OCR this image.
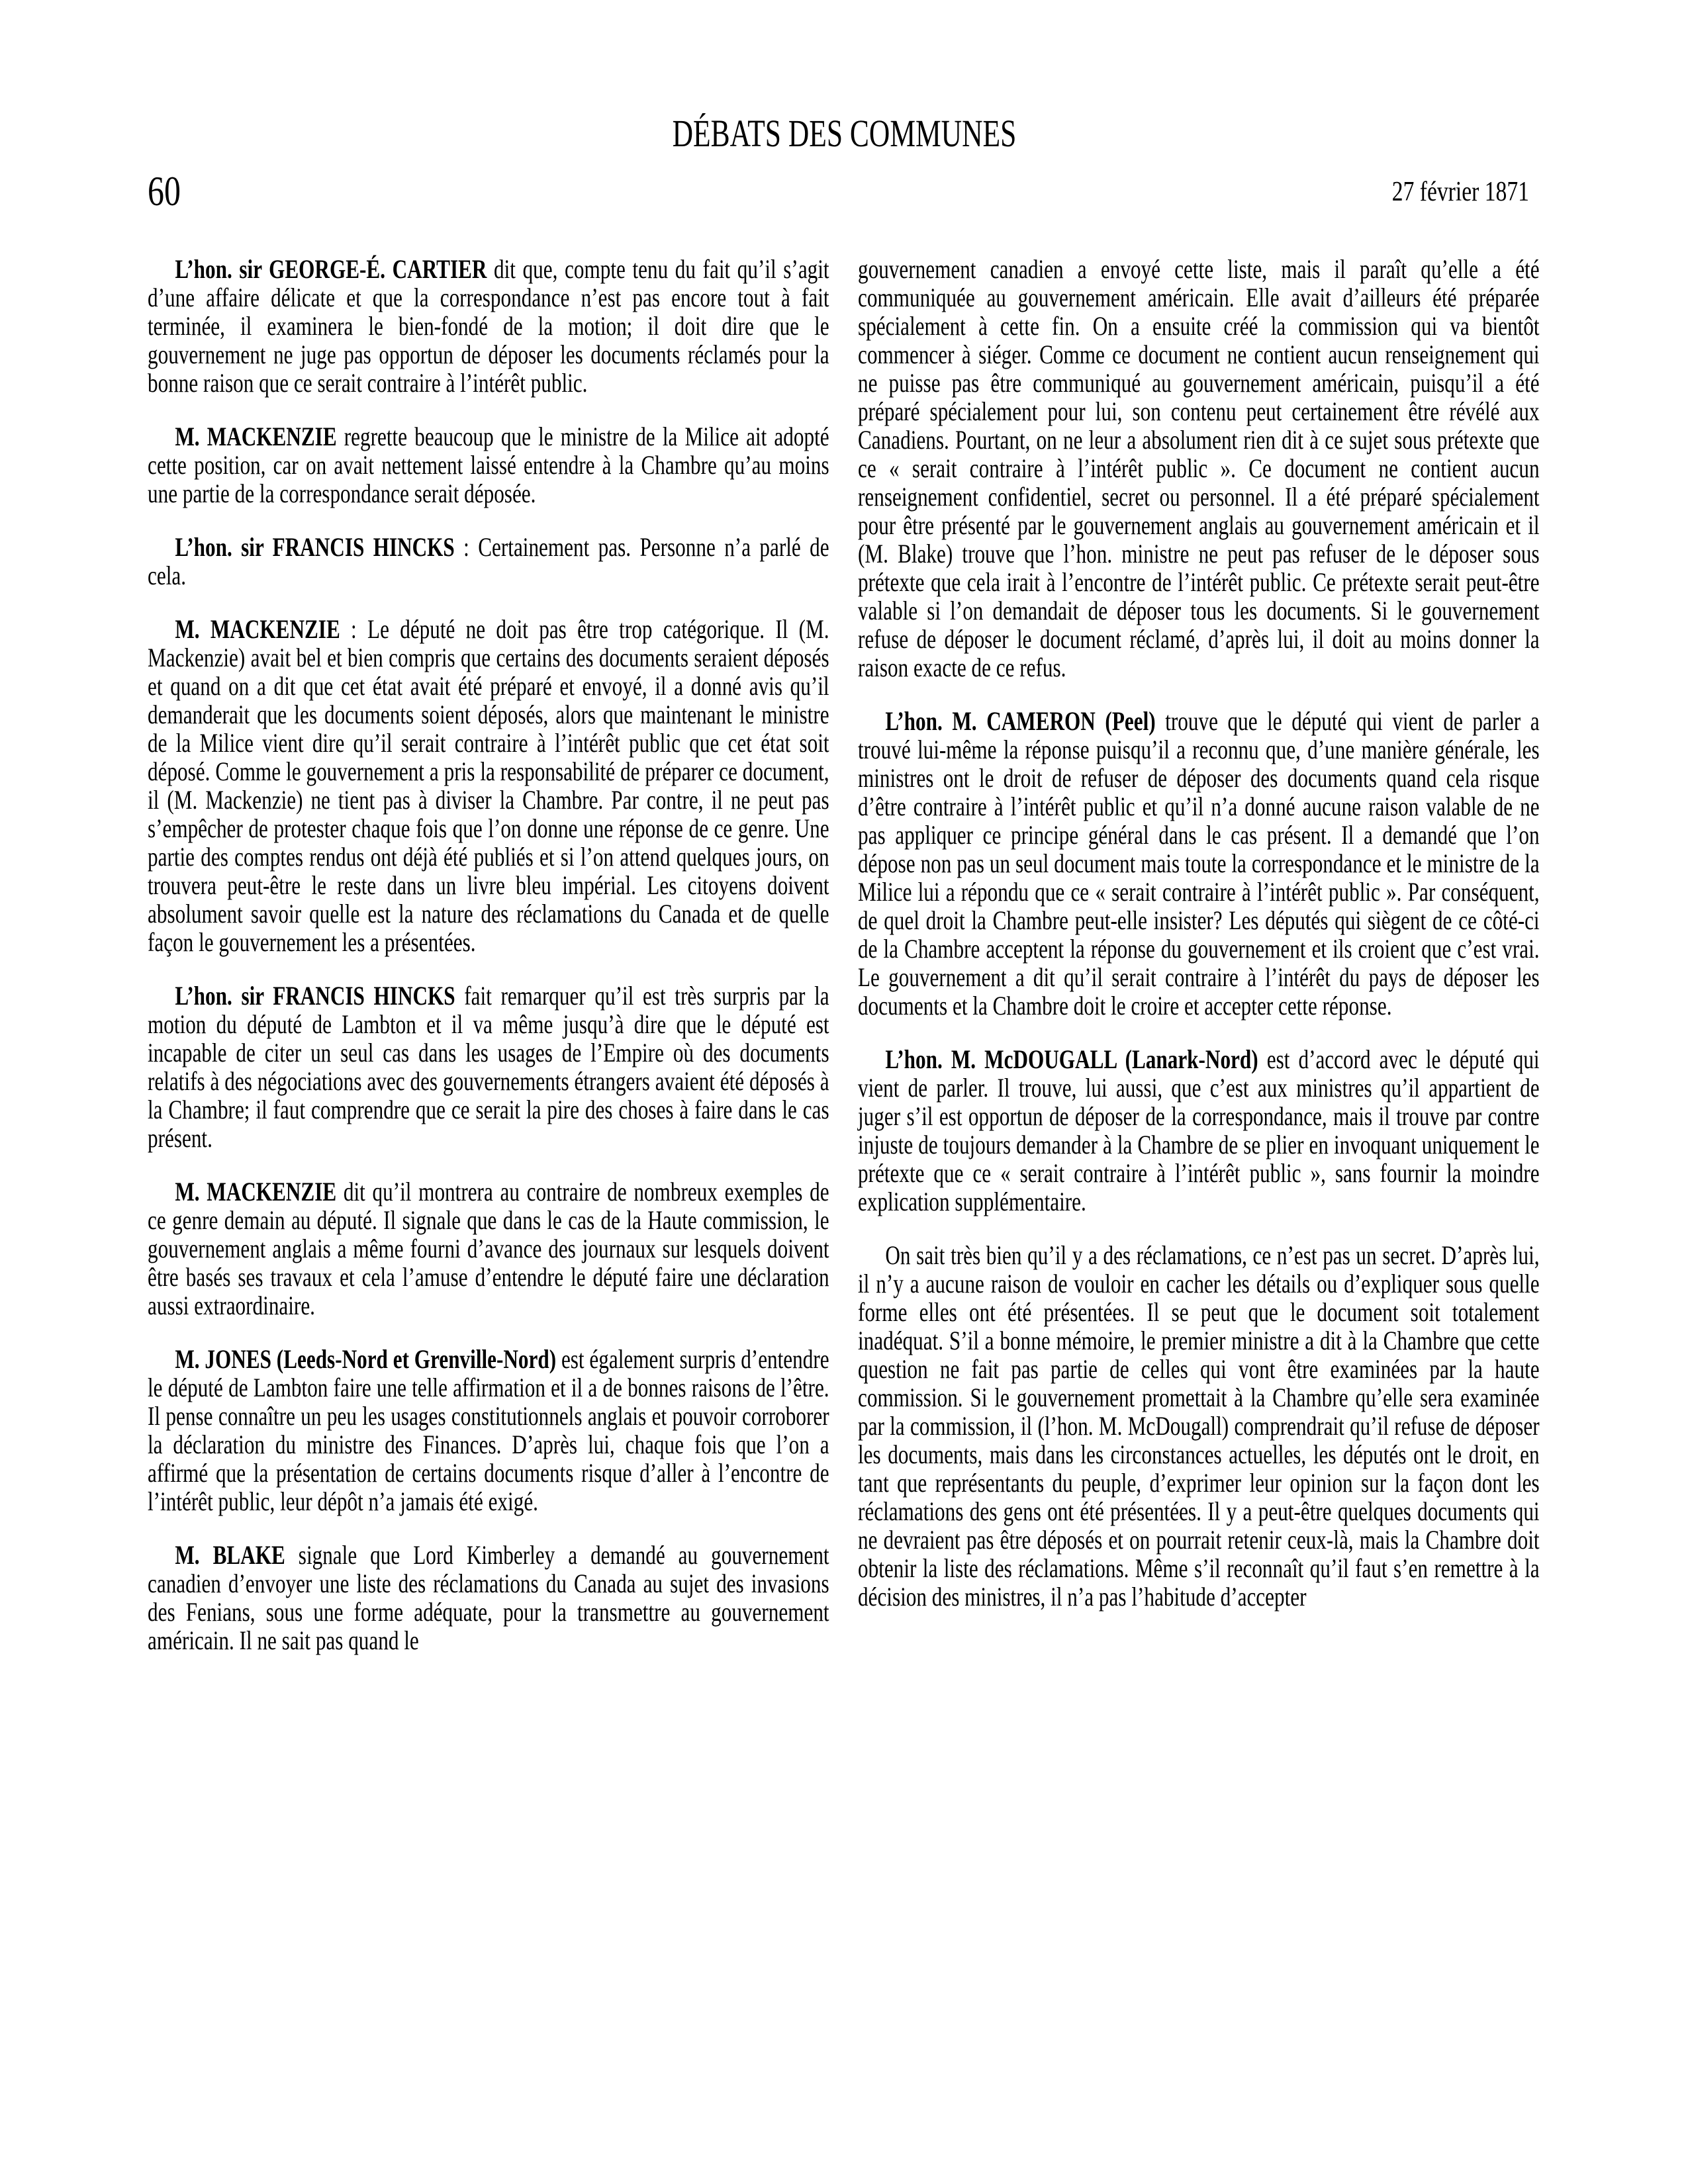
DÉBATS DES COMMUNES
60	27 février 1871

L’hon. sir GEORGE-É. CARTIER dit que, compte tenu du fait qu’il s’agit d’une affaire délicate et que la correspondance n’est pas encore tout à fait terminée, il examinera le bien-fondé de la motion; il doit dire que le gouvernement ne juge pas opportun de déposer les documents réclamés pour la bonne raison que ce serait contraire à l’intérêt public.

M. MACKENZIE regrette beaucoup que le ministre de la Milice ait adopté cette position, car on avait nettement laissé entendre à la Chambre qu’au moins une partie de la correspondance serait déposée.

L’hon. sir FRANCIS HINCKS : Certainement pas. Personne n’a parlé de cela.

M. MACKENZIE : Le député ne doit pas être trop catégorique. Il (M. Mackenzie) avait bel et bien compris que certains des documents seraient déposés et quand on a dit que cet état avait été préparé et envoyé, il a donné avis qu’il demanderait que les documents soient déposés, alors que maintenant le ministre de la Milice vient dire qu’il serait contraire à l’intérêt public que cet état soit déposé. Comme le gouvernement a pris la responsabilité de préparer ce document, il (M. Mackenzie) ne tient pas à diviser la Chambre. Par contre, il ne peut pas s’empêcher de protester chaque fois que l’on donne une réponse de ce genre. Une partie des comptes rendus ont déjà été publiés et si l’on attend quelques jours, on trouvera peut-être le reste dans un livre bleu impérial. Les citoyens doivent absolument savoir quelle est la nature des réclamations du Canada et de quelle façon le gouvernement les a présentées.

L’hon. sir FRANCIS HINCKS fait remarquer qu’il est très surpris par la motion du député de Lambton et il va même jusqu’à dire que le député est incapable de citer un seul cas dans les usages de l’Empire où des documents relatifs à des négociations avec des gouvernements étrangers avaient été déposés à la Chambre; il faut comprendre que ce serait la pire des choses à faire dans le cas présent.

M. MACKENZIE dit qu’il montrera au contraire de nombreux exemples de ce genre demain au député. Il signale que dans le cas de la Haute commission, le gouvernement anglais a même fourni d’avance des journaux sur lesquels doivent être basés ses travaux et cela l’amuse d’entendre le député faire une déclaration aussi extraordinaire.

M. JONES (Leeds-Nord et Grenville-Nord) est également surpris d’entendre le député de Lambton faire une telle affirmation et il a de bonnes raisons de l’être. Il pense connaître un peu les usages constitutionnels anglais et pouvoir corroborer la déclaration du ministre des Finances. D’après lui, chaque fois que l’on a affirmé que la présentation de certains documents risque d’aller à l’encontre de l’intérêt public, leur dépôt n’a jamais été exigé.

M. BLAKE signale que Lord Kimberley a demandé au gouvernement canadien d’envoyer une liste des réclamations du Canada au sujet des invasions des Fenians, sous une forme adéquate, pour la transmettre au gouvernement américain. Il ne sait pas quand le

gouvernement canadien a envoyé cette liste, mais il paraît qu’elle a été communiquée au gouvernement américain. Elle avait d’ailleurs été préparée spécialement à cette fin. On a ensuite créé la commission qui va bientôt commencer à siéger. Comme ce document ne contient aucun renseignement qui ne puisse pas être communiqué au gouvernement américain, puisqu’il a été préparé spécialement pour lui, son contenu peut certainement être révélé aux Canadiens. Pourtant, on ne leur a absolument rien dit à ce sujet sous prétexte que ce « serait contraire à l’intérêt public ». Ce document ne contient aucun renseignement confidentiel, secret ou personnel. Il a été préparé spécialement pour être présenté par le gouvernement anglais au gouvernement américain et il (M. Blake) trouve que l’hon. ministre ne peut pas refuser de le déposer sous prétexte que cela irait à l’encontre de l’intérêt public. Ce prétexte serait peut-être valable si l’on demandait de déposer tous les documents. Si le gouvernement refuse de déposer le document réclamé, d’après lui, il doit au moins donner la raison exacte de ce refus.

L’hon. M. CAMERON (Peel) trouve que le député qui vient de parler a trouvé lui-même la réponse puisqu’il a reconnu que, d’une manière générale, les ministres ont le droit de refuser de déposer des documents quand cela risque d’être contraire à l’intérêt public et qu’il n’a donné aucune raison valable de ne pas appliquer ce principe général dans le cas présent. Il a demandé que l’on dépose non pas un seul document mais toute la correspondance et le ministre de la Milice lui a répondu que ce « serait contraire à l’intérêt public ». Par conséquent, de quel droit la Chambre peut-elle insister? Les députés qui siègent de ce côté-ci de la Chambre acceptent la réponse du gouvernement et ils croient que c’est vrai. Le gouvernement a dit qu’il serait contraire à l’intérêt du pays de déposer les documents et la Chambre doit le croire et accepter cette réponse.

L’hon. M. McDOUGALL (Lanark-Nord) est d’accord avec le député qui vient de parler. Il trouve, lui aussi, que c’est aux ministres qu’il appartient de juger s’il est opportun de déposer de la correspondance, mais il trouve par contre injuste de toujours demander à la Chambre de se plier en invoquant uniquement le prétexte que ce « serait contraire à l’intérêt public », sans fournir la moindre explication supplémentaire.

On sait très bien qu’il y a des réclamations, ce n’est pas un secret. D’après lui, il n’y a aucune raison de vouloir en cacher les détails ou d’expliquer sous quelle forme elles ont été présentées. Il se peut que le document soit totalement inadéquat. S’il a bonne mémoire, le premier ministre a dit à la Chambre que cette question ne fait pas partie de celles qui vont être examinées par la haute commission. Si le gouvernement promettait à la Chambre qu’elle sera examinée par la commission, il (l’hon. M. McDougall) comprendrait qu’il refuse de déposer les documents, mais dans les circonstances actuelles, les députés ont le droit, en tant que représentants du peuple, d’exprimer leur opinion sur la façon dont les réclamations des gens ont été présentées. Il y a peut-être quelques documents qui ne devraient pas être déposés et on pourrait retenir ceux-là, mais la Chambre doit obtenir la liste des réclamations. Même s’il reconnaît qu’il faut s’en remettre à la décision des ministres, il n’a pas l’habitude d’accepter
